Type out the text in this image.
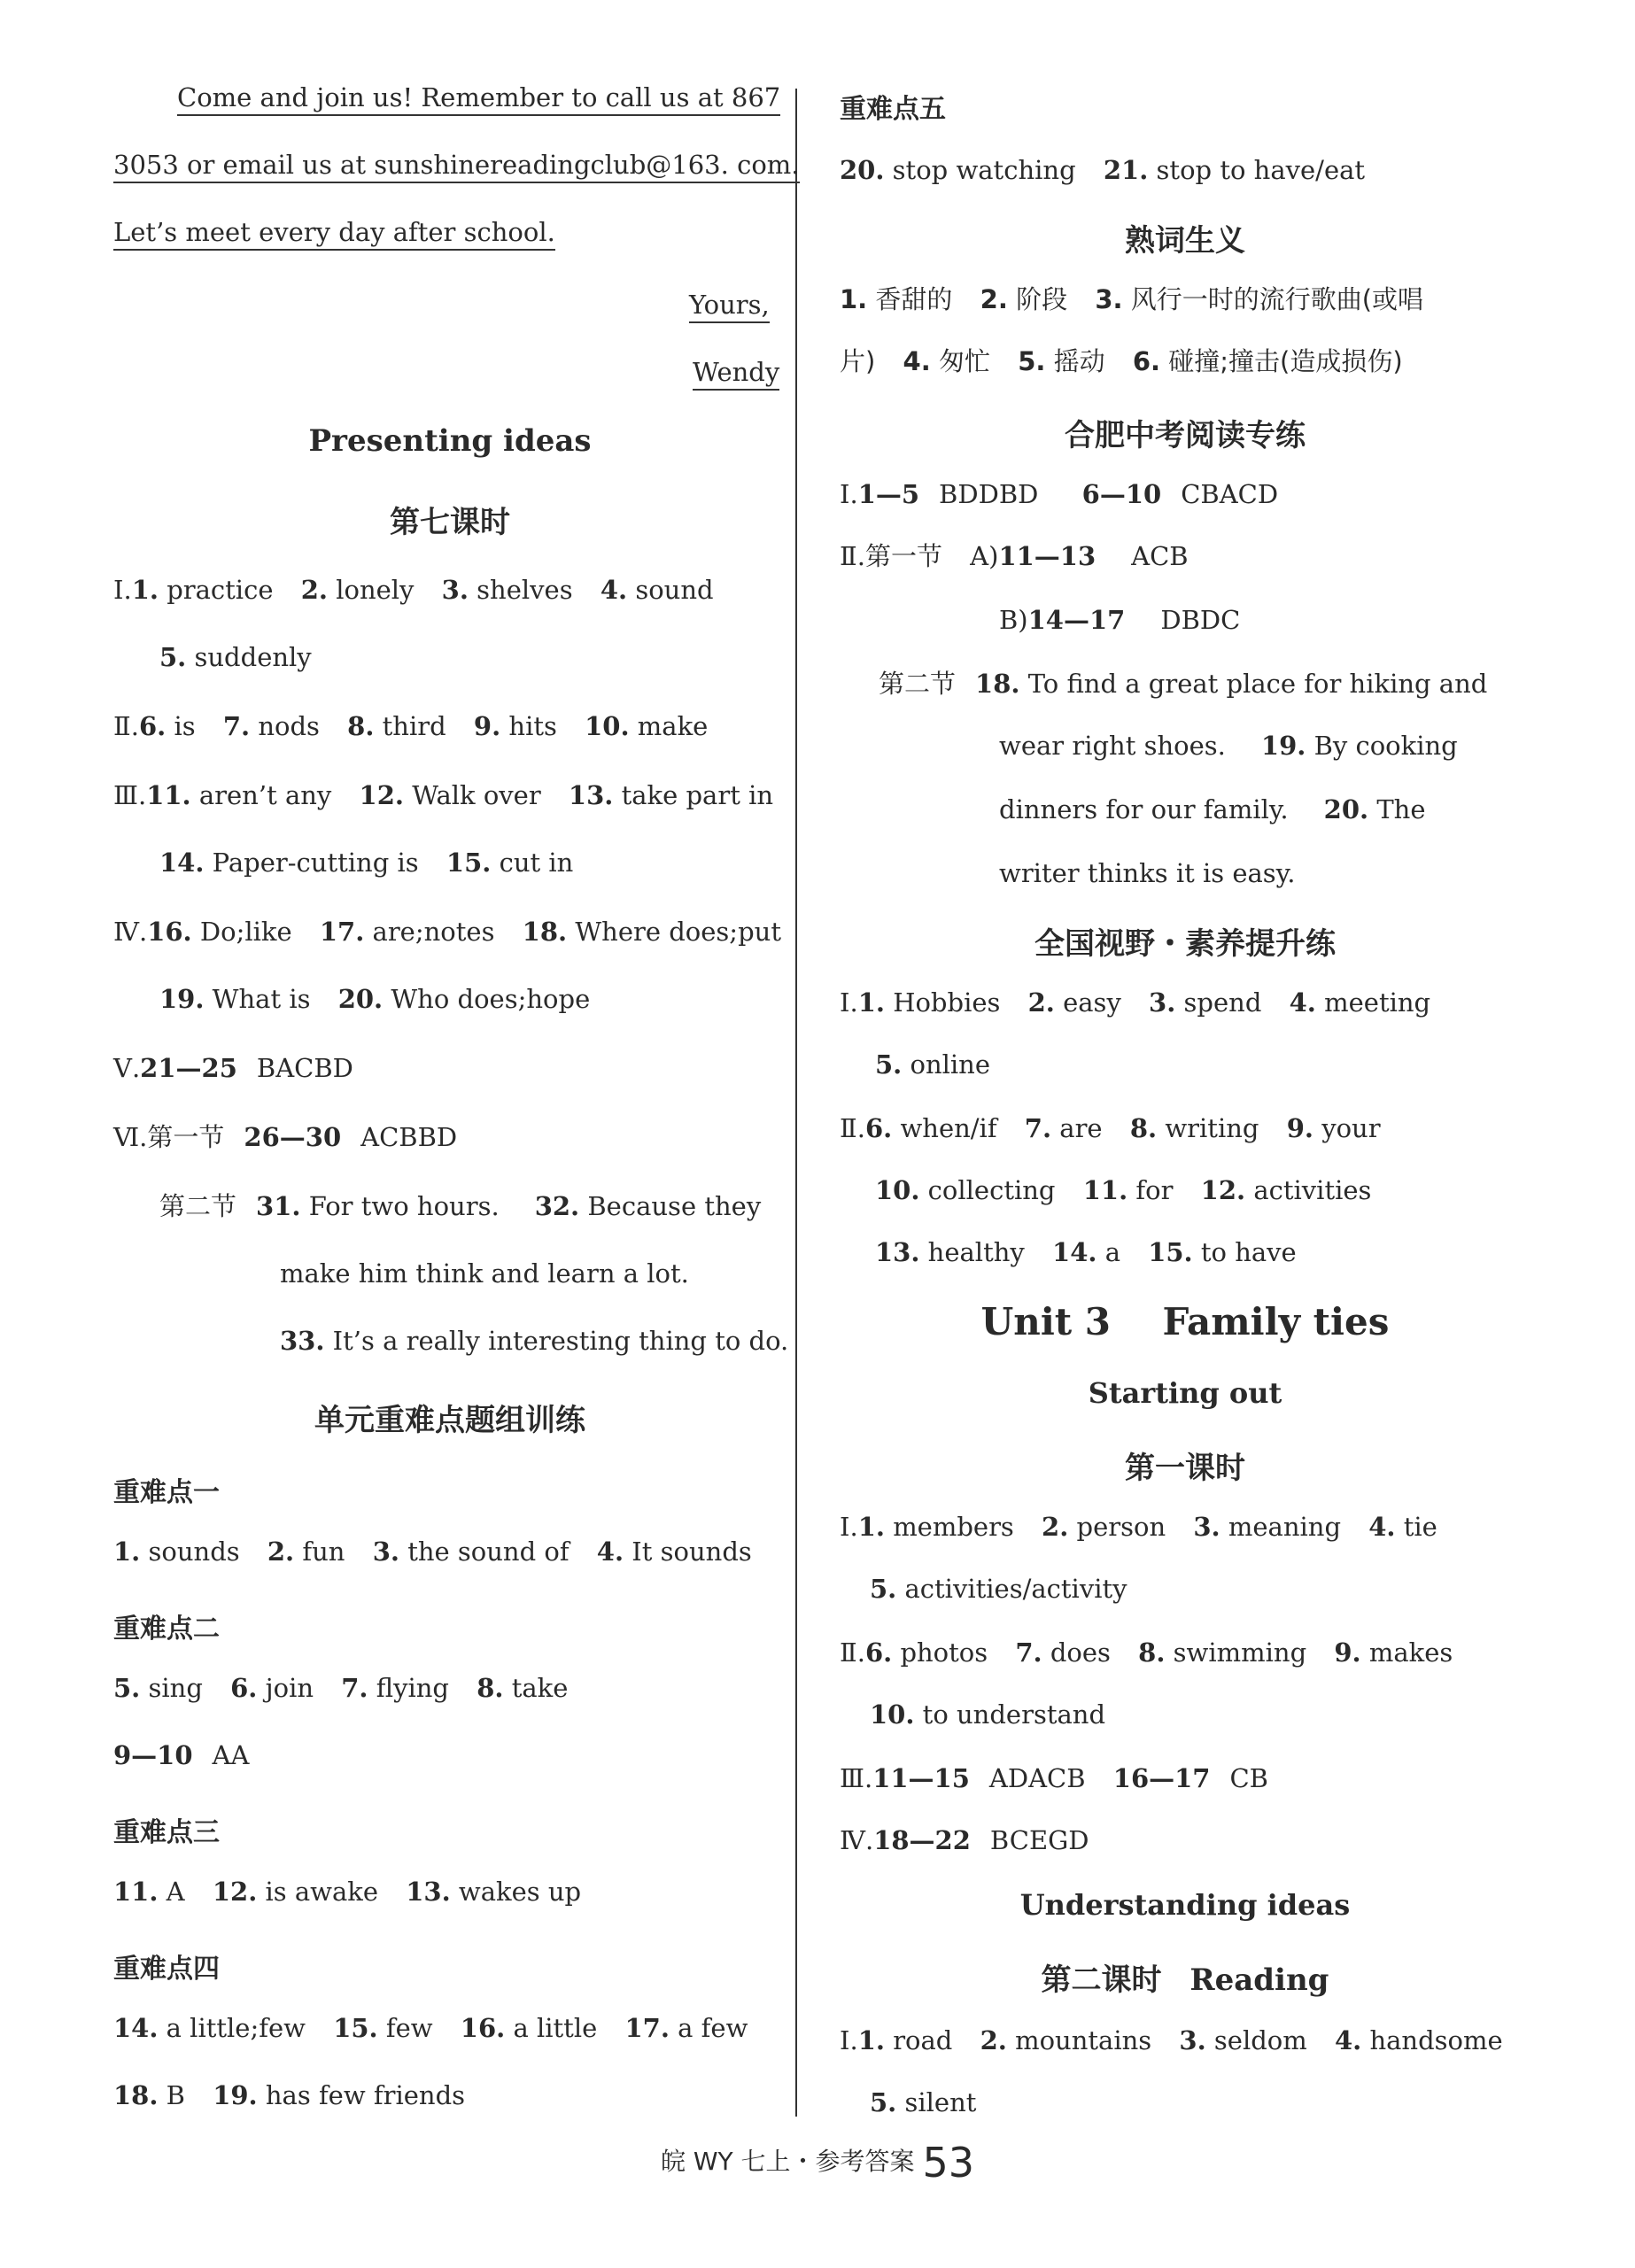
Come and join us! Remember to call us at 867
3053 or email us at sunshinereadingclub@163. com.
Let’s meet every day after school.
Yours,
Wendy
Presenting ideas
第七课时
Ⅰ.1. practice 2. lonely 3. shelves 4. sound
5. suddenly
Ⅱ.6. is 7. nods 8. third 9. hits 10. make
Ⅲ.11. aren’t any 12. Walk over 13. take part in
14. Paper-cutting is 15. cut in
Ⅳ.16. Do;like 17. are;notes 18. Where does;put
19. What is 20. Who does;hope
Ⅴ.21—25 BACBD
Ⅵ.第一节 26—30 ACBBD
第二节 31. For two hours. 32. Because they
make him think and learn a lot.
33. It’s a really interesting thing to do.
单元重难点题组训练
重难点一
1. sounds 2. fun 3. the sound of 4. It sounds
重难点二
5. sing 6. join 7. flying 8. take
9—10 AA
重难点三
11. A 12. is awake 13. wakes up
重难点四
14. a little;few 15. few 16. a little 17. a few
18. B 19. has few friends
重难点五
20. stop watching 21. stop to have/eat
熟词生义
1. 香甜的 2. 阶段 3. 风行一时的流行歌曲(或唱
片) 4. 匆忙 5. 摇动 6. 碰撞;撞击(造成损伤)
合肥中考阅读专练
Ⅰ.1—5 BDDBD 6—10 CBACD
Ⅱ.第一节 A)11—13 ACB
B)14—17 DBDC
第二节 18. To find a great place for hiking and
wear right shoes. 19. By cooking
dinners for our family. 20. The
writer thinks it is easy.
全国视野・素养提升练
Ⅰ.1. Hobbies 2. easy 3. spend 4. meeting
5. online
Ⅱ.6. when/if 7. are 8. writing 9. your
10. collecting 11. for 12. activities
13. healthy 14. a 15. to have
Unit 3    Family ties
Starting out
第一课时
Ⅰ.1. members 2. person 3. meaning 4. tie
5. activities/activity
Ⅱ.6. photos 7. does 8. swimming 9. makes
10. to understand
Ⅲ.11—15 ADACB 16—17 CB
Ⅳ.18—22 BCEGD
Understanding ideas
第二课时 Reading
Ⅰ.1. road 2. mountains 3. seldom 4. handsome
5. silent
皖 WY 七上・参考答案 53
